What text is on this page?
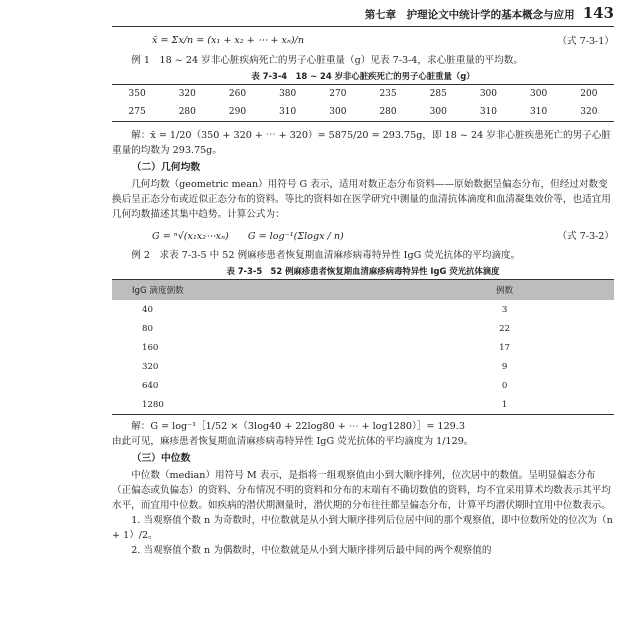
第七章　护理论文中统计学的基本概念与应用 143
x̄ = Σx/n = (x₁ + x₂ + ⋯ + xₙ)/n	（式 7-3-1）

例 1　18 ~ 24 岁非心脏疾病死亡的男子心脏重量（g）见表 7-3-4，求心脏重量的平均数。

表 7-3-4　18 ~ 24 岁非心脏疾死亡的男子心脏重量（g）
350	320	260	380	270	235	285	300	300	200
275	280	290	310	300	280	300	310	310	320

解：x̄ = 1/20（350 + 320 + ⋯ + 320）= 5875/20 = 293.75g，即 18 ~ 24 岁非心脏疾患死亡的男子心脏重量的均数为 293.75g。

（二）几何均数

几何均数（geometric mean）用符号 G 表示，适用对数正态分布资料——原始数据呈偏态分布，但经过对数变换后呈正态分布或近似正态分布的资料。等比的资料如在医学研究中测量的血清抗体滴度和血清凝集效价等，也适宜用几何均数描述其集中趋势。计算公式为：

G = ⁿ√(x₁x₂⋯xₙ)　　G = log⁻¹(Σlogx / n)	（式 7-3-2）

例 2　求表 7-3-5 中 52 例麻疹患者恢复期血清麻疹病毒特异性 IgG 荧光抗体的平均滴度。

表 7-3-5　52 例麻疹患者恢复期血清麻疹病毒特异性 IgG 荧光抗体滴度
IgG 滴度倒数	例数
40	3
80	22
160	17
320	9
640	0
1280	1

解：G = log⁻¹［1/52 ×（3log40 + 22log80 + ⋯ + log1280）］= 129.3

由此可见，麻疹患者恢复期血清麻疹病毒特异性 IgG 荧光抗体的平均滴度为 1/129。

（三）中位数

中位数（median）用符号 M 表示，是指将一组观察值由小到大顺序排列，位次居中的数值。呈明显偏态分布（正偏态或负偏态）的资料、分布情况不明的资料和分布的末端有不确切数值的资料，均不宜采用算术均数表示其平均水平，而宜用中位数。如疾病的潜伏期测量时，潜伏期的分布往往都呈偏态分布，计算平均潜伏期时宜用中位数表示。

1. 当观察值个数 n 为奇数时，中位数就是从小到大顺序排列后位居中间的那个观察值，即中位数所处的位次为（n + 1）/2。

2. 当观察值个数 n 为偶数时，中位数就是从小到大顺序排列后最中间的两个观察值的
